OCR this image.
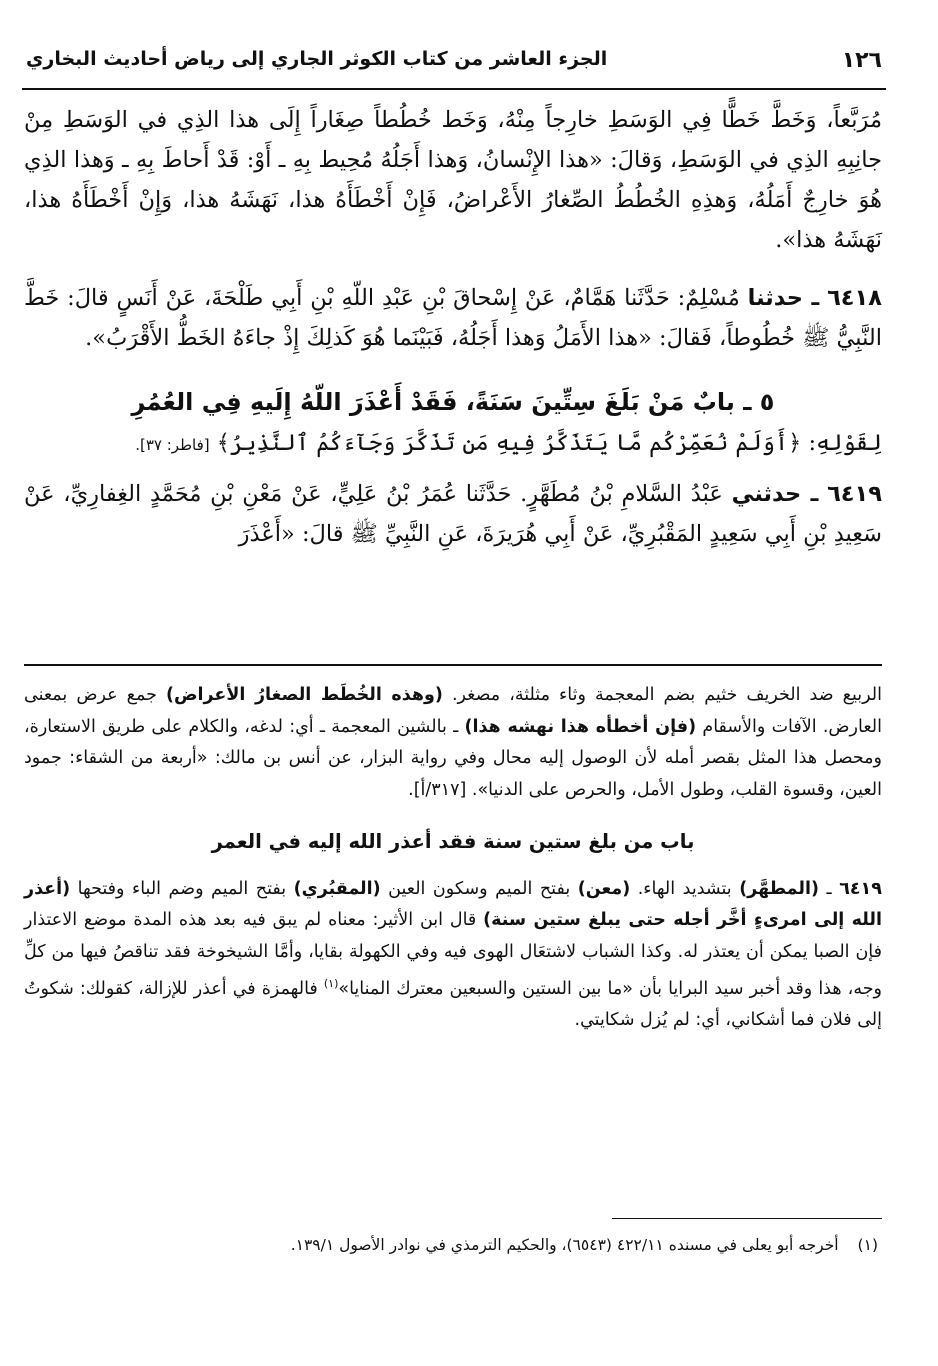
١٢٦
الجزء العاشر من كتاب الكوثر الجاري إلى رياض أحاديث البخاري

مُرَبَّعاً، وَخَطَّ خَطًّا فِي الوَسَطِ خارِجاً مِنْهُ، وَخَط خُطُطاً صِغَاراً إِلَى هذا الذِي في الوَسَطِ مِنْ جانِبِهِ الذِي في الوَسَطِ، وَقالَ: «هذا الإِنْسانُ، وَهذا أَجَلُهُ مُحِيط بِهِ ـ أَوْ: قَدْ أَحاطَ بِهِ ـ وَهذا الذِي هُوَ خارِجٌ أَمَلُهُ، وَهذِهِ الخُطُطُ الصِّغارُ الأَعْراضُ، فَإِنْ أَخْطَأَهُ هذا، نَهَشَهُ هذا، وَإِنْ أَخْطَأَهُ هذا، نَهَشَهُ هذا».

٦٤١٨ ـ حدثنا مُسْلِمٌ: حَدَّثَنا هَمَّامٌ، عَنْ إِسْحاقَ بْنِ عَبْدِ اللّهِ بْنِ أَبِي طَلْحَةَ، عَنْ أَنَسٍ قالَ: خَطَّ النَّبِيُّ ﷺ خُطُوطاً، فَقالَ: «هذا الأَمَلُ وَهذا أَجَلُهُ، فَبَيْنَما هُوَ كَذلِكَ إِذْ جاءَهُ الخَطُّ الأَقْرَبُ».

٥ ـ بابٌ مَنْ بَلَغَ سِتِّينَ سَنَةً، فَقَدْ أَعْذَرَ اللّهُ إِلَيهِ فِي العُمُرِ

لِقَوْلِهِ: ﴿أَوَلَمْ نُعَمِّرْكُم مَّا يَتَذَكَّرُ فِيهِ مَن تَذَكَّرَ وَجَآءَكُمُ ٱلنَّذِيرُ﴾ [فاطر: ٣٧].

٦٤١٩ ـ حدثني عَبْدُ السَّلامِ بْنُ مُطَهَّرٍ. حَدَّثَنا عُمَرُ بْنُ عَلِيٍّ، عَنْ مَعْنِ بْنِ مُحَمَّدٍ الغِفارِيِّ، عَنْ سَعِيدِ بْنِ أَبِي سَعِيدٍ المَقْبُرِيِّ، عَنْ أَبِي هُرَيرَةَ، عَنِ النَّبِيِّ ﷺ قالَ: «أَعْذَرَ

الربيع ضد الخريف خثيم بضم المعجمة وثاء مثلثة، مصغر. (وهذه الخُطَط الصغارُ الأعراض) جمع عرض بمعنى العارض. الآفات والأسقام (فإن أخطأه هذا نهشه هذا) ـ بالشين المعجمة ـ أي: لدغه، والكلام على طريق الاستعارة، ومحصل هذا المثل بقصر أمله لأن الوصول إليه محال وفي رواية البزار، عن أنس بن مالك: «أربعة من الشقاء: جمود العين، وقسوة القلب، وطول الأمل، والحرص على الدنيا». [٣١٧/أ].

باب من بلغ ستين سنة فقد أعذر الله إليه في العمر

٦٤١٩ ـ (المطهَّر) بتشديد الهاء. (معن) بفتح الميم وسكون العين (المقبُري) بفتح الميم وضم الباء وفتحها (أعذر الله إلى امرىءٍ أخَّر أجله حتى يبلغ ستين سنة) قال ابن الأثير: معناه لم يبق فيه بعد هذه المدة موضع الاعتذار فإن الصبا يمكن أن يعتذر له. وكذا الشباب لاشتعَال الهوى فيه وفي الكهولة بقايا، وأمَّا الشيخوخة فقد تناقصُ فيها من كلِّ وجه، هذا وقد أخبر سيد البرايا بأن «ما بين الستين والسبعين معترك المنايا»$^{(١)}$ فالهمزة في أعذر للإزالة، كقولك: شكوتُ إلى فلان فما أشكاني، أي: لم يُزل شكايتي.

(١) أخرجه أبو يعلى في مسنده ٤٢٢/١١ (٦٥٤٣)، والحكيم الترمذي في نوادر الأصول ١٣٩/١.
